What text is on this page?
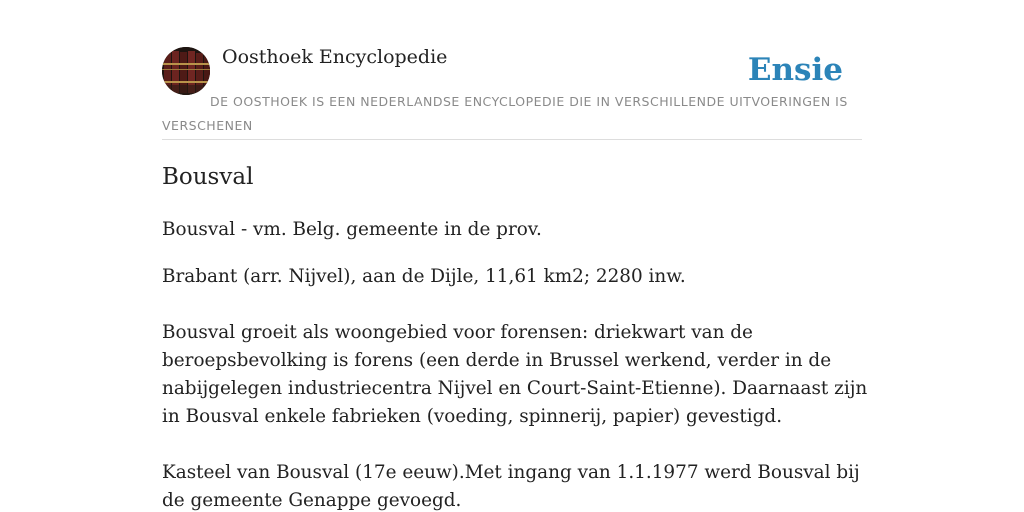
Oosthoek Encyclopedie	Ensie
DE OOSTHOEK IS EEN NEDERLANDSE ENCYCLOPEDIE DIE IN VERSCHILLENDE UITVOERINGEN IS VERSCHENEN
Bousval

Bousval - vm. Belg. gemeente in de prov.

Brabant (arr. Nijvel), aan de Dijle, 11,61 km2; 2280 inw.

Bousval groeit als woongebied voor forensen: driekwart van de beroepsbevolking is forens (een derde in Brussel werkend, verder in de nabijgelegen industriecentra Nijvel en Court-Saint-Etienne). Daarnaast zijn in Bousval enkele fabrieken (voeding, spinnerij, papier) gevestigd.

Kasteel van Bousval (17e eeuw).Met ingang van 1.1.1977 werd Bousval bij de gemeente Genappe gevoegd.
